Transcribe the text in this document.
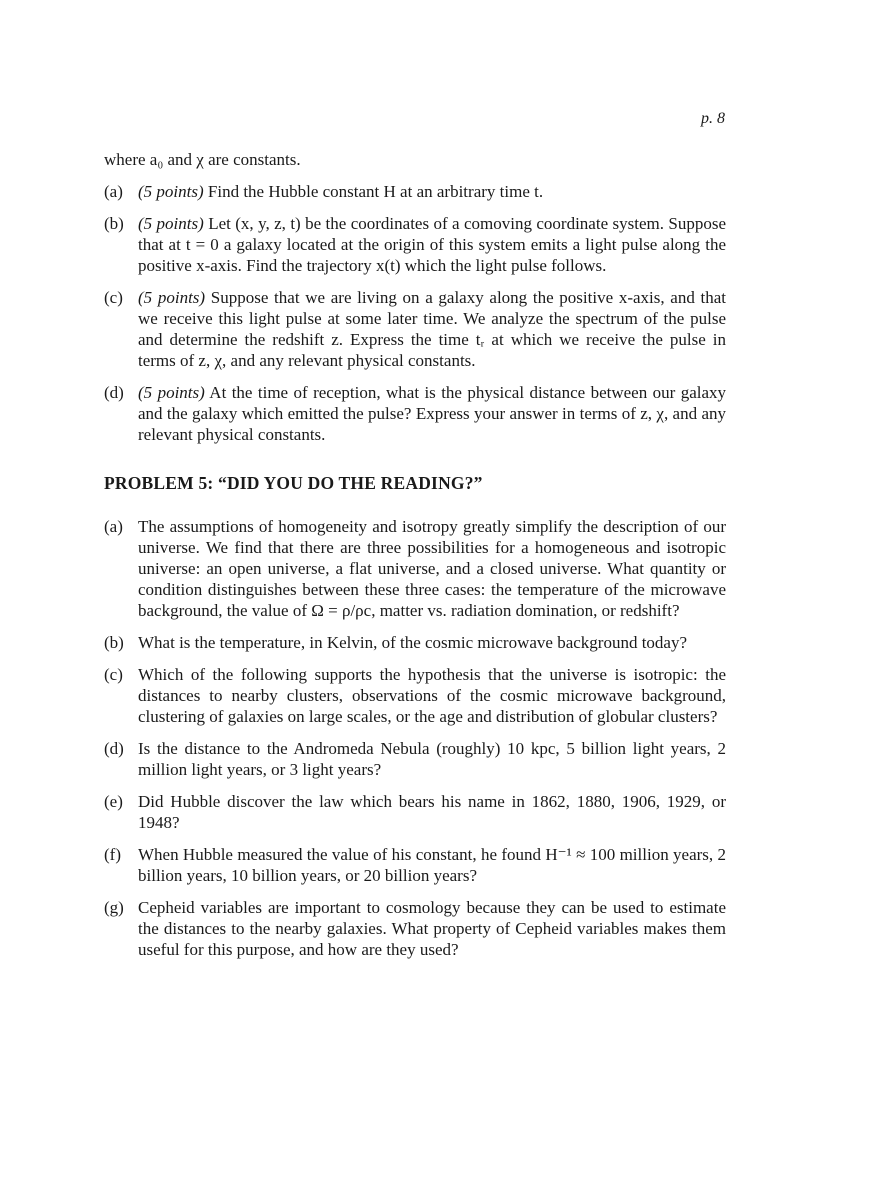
p. 8

where a₀ and χ are constants.

(a) (5 points) Find the Hubble constant H at an arbitrary time t.
(b) (5 points) Let (x, y, z, t) be the coordinates of a comoving coordinate system. Suppose that at t = 0 a galaxy located at the origin of this system emits a light pulse along the positive x-axis. Find the trajectory x(t) which the light pulse follows.
(c) (5 points) Suppose that we are living on a galaxy along the positive x-axis, and that we receive this light pulse at some later time. We analyze the spectrum of the pulse and determine the redshift z. Express the time tᵣ at which we receive the pulse in terms of z, χ, and any relevant physical constants.
(d) (5 points) At the time of reception, what is the physical distance between our galaxy and the galaxy which emitted the pulse? Express your answer in terms of z, χ, and any relevant physical constants.
PROBLEM 5: “DID YOU DO THE READING?”
(a) The assumptions of homogeneity and isotropy greatly simplify the description of our universe. We find that there are three possibilities for a homogeneous and isotropic universe: an open universe, a flat universe, and a closed universe. What quantity or condition distinguishes between these three cases: the temperature of the microwave background, the value of Ω = ρ/ρc, matter vs. radiation domination, or redshift?
(b) What is the temperature, in Kelvin, of the cosmic microwave background today?
(c) Which of the following supports the hypothesis that the universe is isotropic: the distances to nearby clusters, observations of the cosmic microwave background, clustering of galaxies on large scales, or the age and distribution of globular clusters?
(d) Is the distance to the Andromeda Nebula (roughly) 10 kpc, 5 billion light years, 2 million light years, or 3 light years?
(e) Did Hubble discover the law which bears his name in 1862, 1880, 1906, 1929, or 1948?
(f) When Hubble measured the value of his constant, he found H⁻¹ ≈ 100 million years, 2 billion years, 10 billion years, or 20 billion years?
(g) Cepheid variables are important to cosmology because they can be used to estimate the distances to the nearby galaxies. What property of Cepheid variables makes them useful for this purpose, and how are they used?
